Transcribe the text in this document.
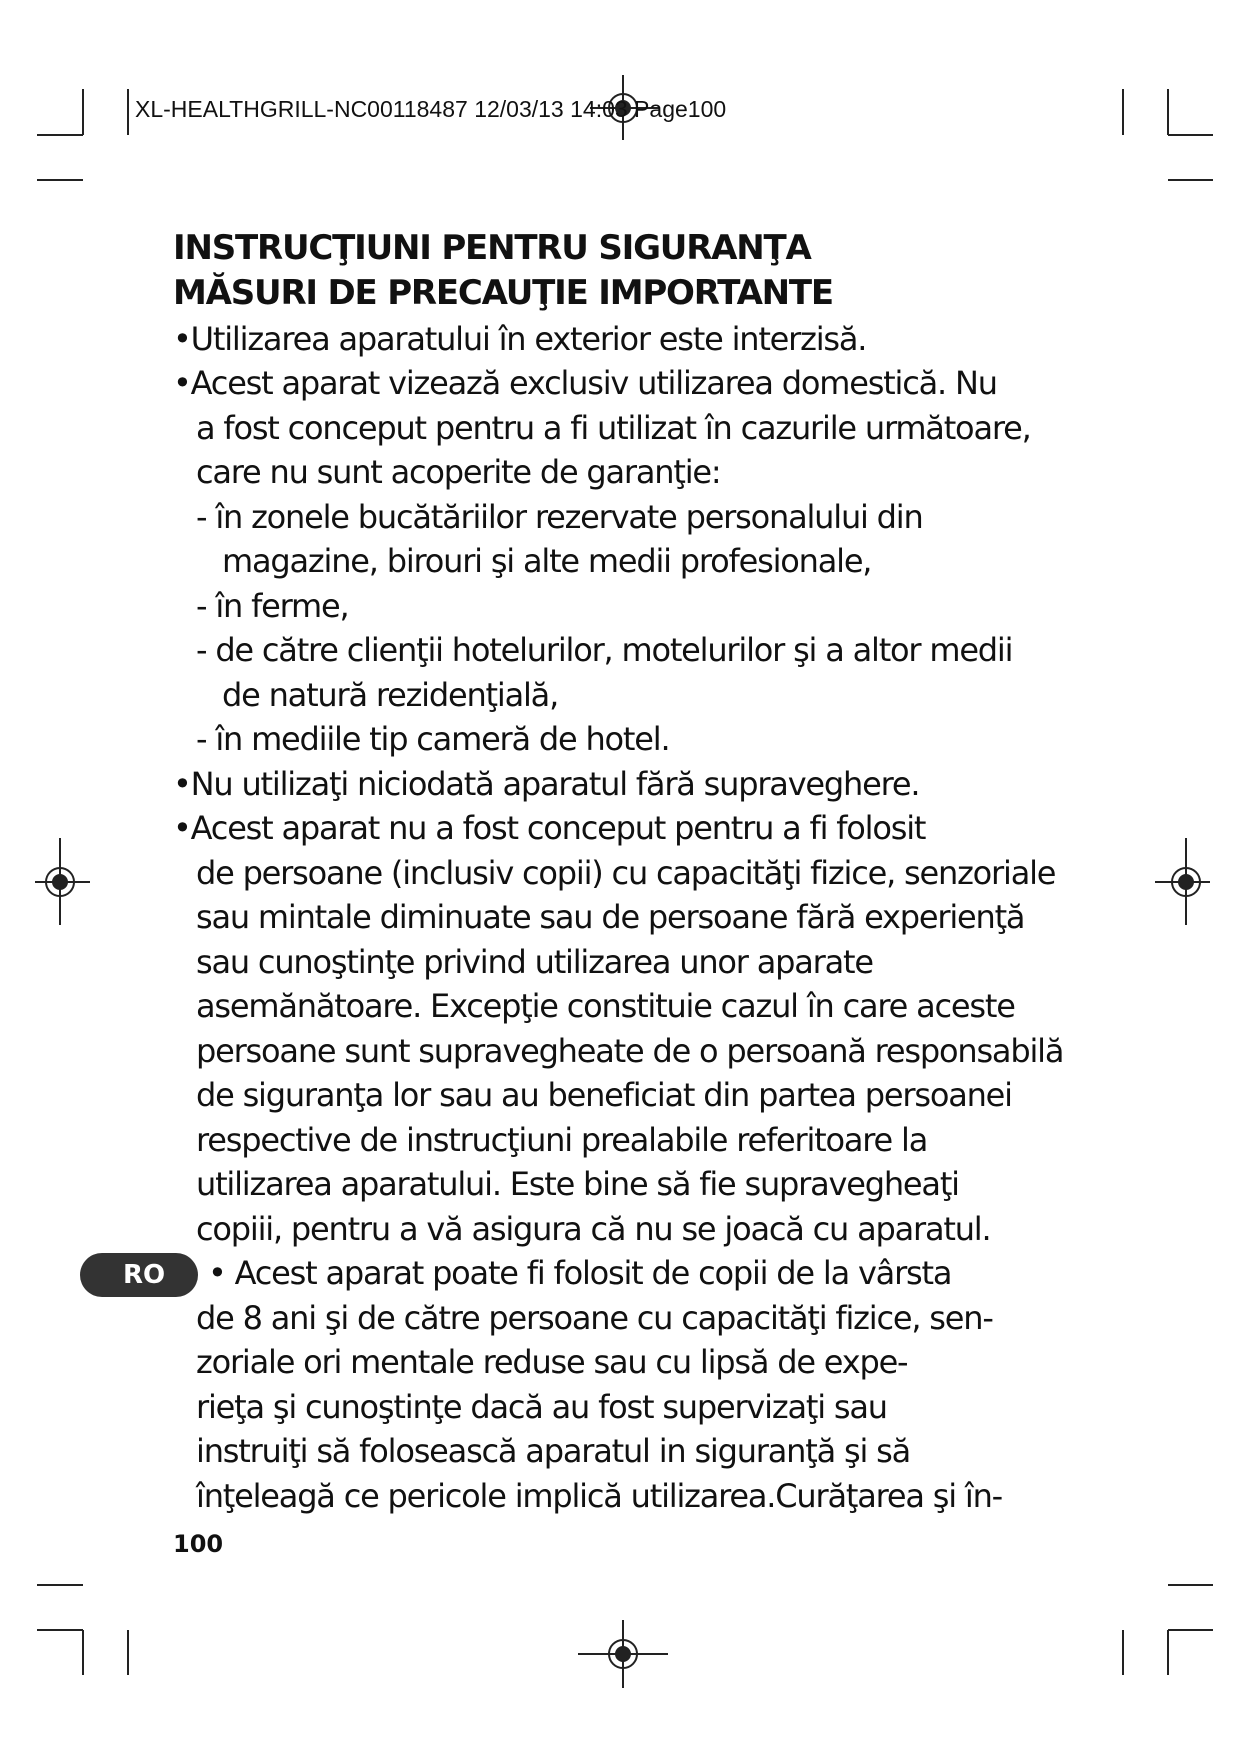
XL-HEALTHGRILL-NC00118487 12/03/13 14:03 Page100
INSTRUCŢIUNI PENTRU SIGURANŢA
MĂSURI DE PRECAUŢIE IMPORTANTE
•Utilizarea aparatului în exterior este interzisă.
•Acest aparat vizează exclusiv utilizarea domestică. Nu
a fost conceput pentru a fi utilizat în cazurile următoare,
care nu sunt acoperite de garanţie:
- în zonele bucătăriilor rezervate personalului din
magazine, birouri şi alte medii profesionale,
- în ferme,
- de către clienţii hotelurilor, motelurilor şi a altor medii
de natură rezidenţială,
- în mediile tip cameră de hotel.
•Nu utilizaţi niciodată aparatul fără supraveghere.
•Acest aparat nu a fost conceput pentru a fi folosit
de persoane (inclusiv copii) cu capacităţi fizice, senzoriale
sau mintale diminuate sau de persoane fără experienţă
sau cunoştinţe privind utilizarea unor aparate
asemănătoare. Excepţie constituie cazul în care aceste
persoane sunt supravegheate de o persoană responsabilă
de siguranţa lor sau au beneficiat din partea persoanei
respective de instrucţiuni prealabile referitoare la
utilizarea aparatului. Este bine să fie supravegheaţi
copiii, pentru a vă asigura că nu se joacă cu aparatul.
• Acest aparat poate fi folosit de copii de la vârsta
de 8 ani şi de către persoane cu capacităţi fizice, sen-
zoriale ori mentale reduse sau cu lipsă de expe-
rieţa şi cunoştinţe dacă au fost supervizaţi sau
instruiţi să folosească aparatul in siguranţă şi să
înţeleagă ce pericole implică utilizarea.Curăţarea şi în-
RO
100
